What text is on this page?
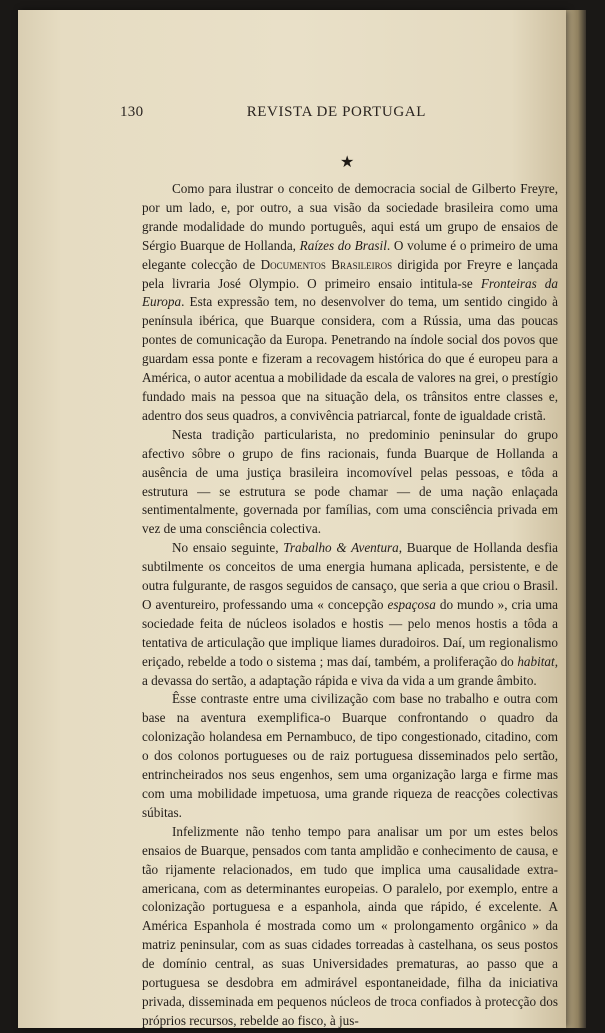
130	REVISTA DE PORTUGAL
★

Como para ilustrar o conceito de democracia social de Gilberto Freyre, por um lado, e, por outro, a sua visão da sociedade brasileira como uma grande modalidade do mundo português, aqui está um grupo de ensaios de Sérgio Buarque de Hollanda, Raízes do Brasil. O volume é o primeiro de uma elegante colecção de Documentos Brasileiros dirigida por Freyre e lançada pela livraria José Olympio. O primeiro ensaio intitula-se Fronteiras da Europa. Esta expressão tem, no desenvolver do tema, um sentido cingido à península ibérica, que Buarque considera, com a Rússia, uma das poucas pontes de comunicação da Europa. Penetrando na índole social dos povos que guardam essa ponte e fizeram a recovagem histórica do que é europeu para a América, o autor acentua a mobilidade da escala de valores na grei, o prestígio fundado mais na pessoa que na situação dela, os trânsitos entre classes e, adentro dos seus quadros, a convivência patriarcal, fonte de igualdade cristã.

Nesta tradição particularista, no predominio peninsular do grupo afectivo sôbre o grupo de fins racionais, funda Buarque de Hollanda a ausência de uma justiça brasileira incomovível pelas pessoas, e tôda a estrutura — se estrutura se pode chamar — de uma nação enlaçada sentimentalmente, governada por famílias, com uma consciência privada em vez de uma consciência colectiva.

No ensaio seguinte, Trabalho & Aventura, Buarque de Hollanda desfia subtilmente os conceitos de uma energia humana aplicada, persistente, e de outra fulgurante, de rasgos seguidos de cansaço, que seria a que criou o Brasil. O aventureiro, professando uma « concepção espaçosa do mundo », cria uma sociedade feita de núcleos isolados e hostis — pelo menos hostis a tôda a tentativa de articulação que implique liames duradoiros. Daí, um regionalismo eriçado, rebelde a todo o sistema ; mas daí, também, a proliferação do habitat, a devassa do sertão, a adaptação rápida e viva da vida a um grande âmbito.

Êsse contraste entre uma civilização com base no trabalho e outra com base na aventura exemplifica-o Buarque confrontando o quadro da colonização holandesa em Pernambuco, de tipo congestionado, citadino, com o dos colonos portugueses ou de raiz portuguesa disseminados pelo sertão, entrincheirados nos seus engenhos, sem uma organização larga e firme mas com uma mobilidade impetuosa, uma grande riqueza de reacções colectivas súbitas.

Infelizmente não tenho tempo para analisar um por um estes belos ensaios de Buarque, pensados com tanta amplidão e conhecimento de causa, e tão rijamente relacionados, em tudo que implica uma causalidade extra-americana, com as determinantes europeias. O paralelo, por exemplo, entre a colonização portuguesa e a espanhola, ainda que rápido, é excelente. A América Espanhola é mostrada como um « prolongamento orgânico » da matriz peninsular, com as suas cidades torreadas à castelhana, os seus postos de domínio central, as suas Universidades prematuras, ao passo que a portuguesa se desdobra em admirável espontaneidade, filha da iniciativa privada, disseminada em pequenos núcleos de troca confiados à protecção dos próprios recursos, rebelde ao fisco, à jus-
